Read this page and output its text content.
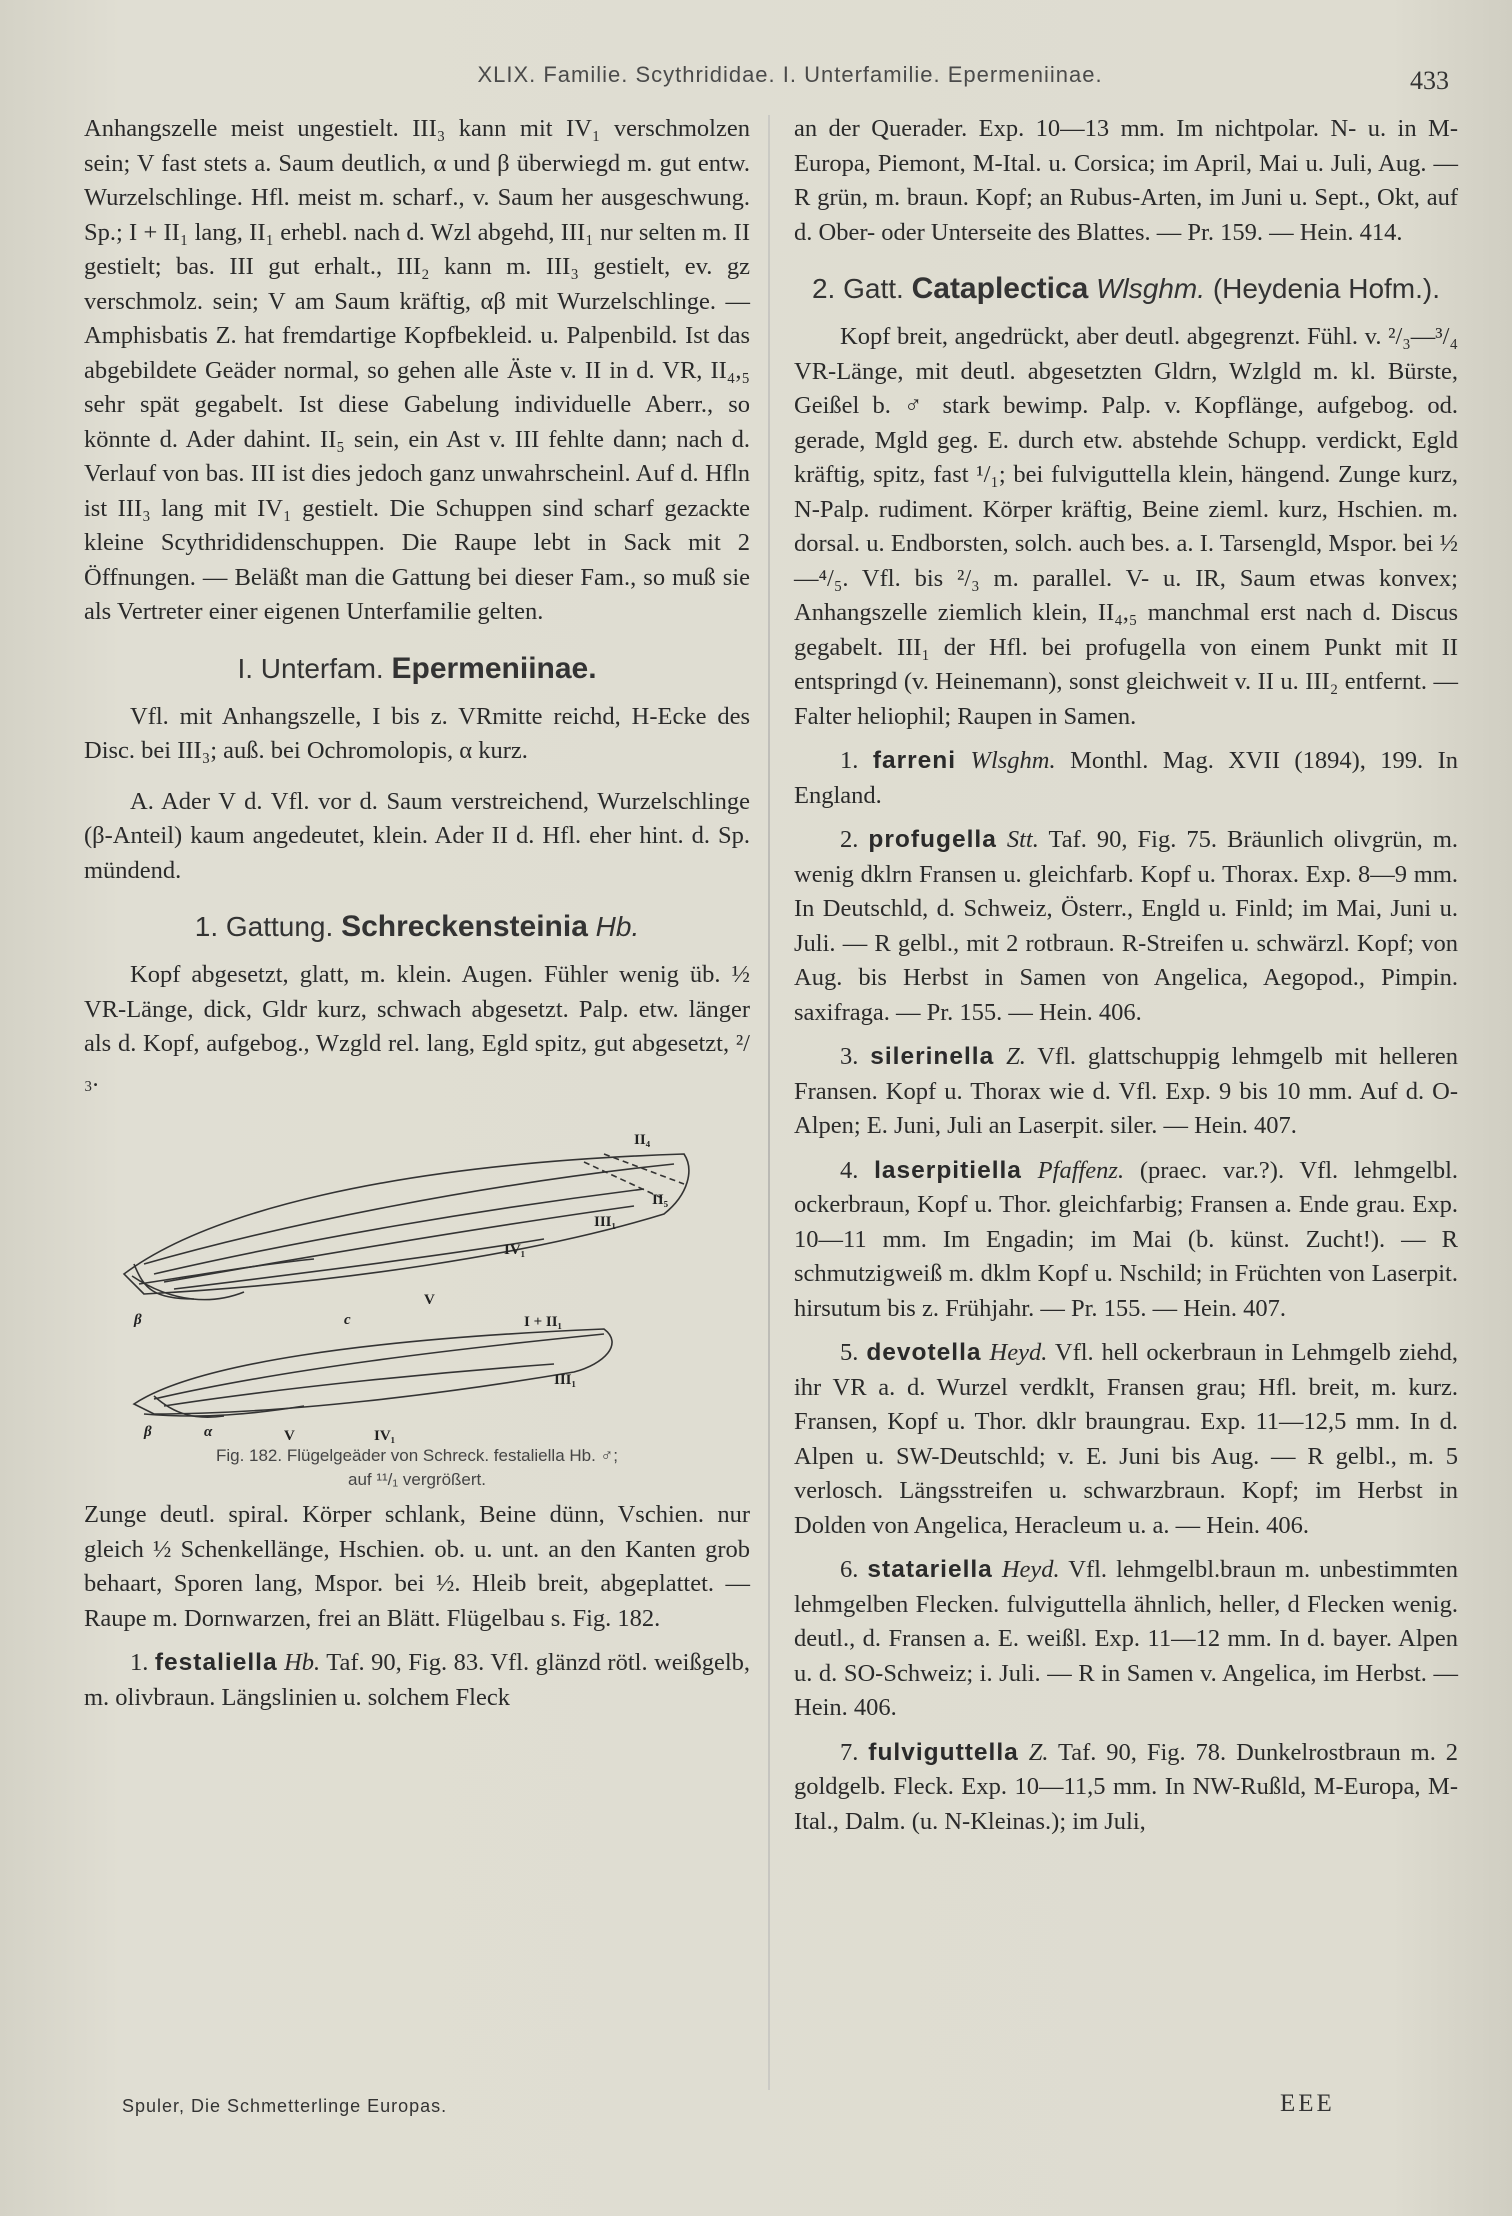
XLIX. Familie. Scythrididae. I. Unterfamilie. Epermeniinae.	433

Anhangszelle meist ungestielt. III₃ kann mit IV₁ verschmolzen sein; V fast stets a. Saum deutlich, α und β überwiegd m. gut entw. Wurzelschlinge. Hfl. meist m. scharf., v. Saum her ausgeschwung. Sp.; I + II₁ lang, II₁ erhebl. nach d. Wzl abgehd, III₁ nur selten m. II gestielt; bas. III gut erhalt., III₂ kann m. III₃ gestielt, ev. gz verschmolz. sein; V am Saum kräftig, αβ mit Wurzelschlinge. — Amphisbatis Z. hat fremdartige Kopfbekleid. u. Palpenbild. Ist das abgebildete Geäder normal, so gehen alle Äste v. II in d. VR, II₄,₅ sehr spät gegabelt. Ist diese Gabelung individuelle Aberr., so könnte d. Ader dahint. II₅ sein, ein Ast v. III fehlte dann; nach d. Verlauf von bas. III ist dies jedoch ganz unwahrscheinl. Auf d. Hfln ist III₃ lang mit IV₁ gestielt. Die Schuppen sind scharf gezackte kleine Scythrididenschuppen. Die Raupe lebt in Sack mit 2 Öffnungen. — Beläßt man die Gattung bei dieser Fam., so muß sie als Vertreter einer eigenen Unterfamilie gelten.

I. Unterfam. Epermeniinae.

Vfl. mit Anhangszelle, I bis z. VRmitte reichd, H-Ecke des Disc. bei III₃; auß. bei Ochromolopis, α kurz.

A. Ader V d. Vfl. vor d. Saum verstreichend, Wurzelschlinge (β-Anteil) kaum angedeutet, klein. Ader II d. Hfl. eher hint. d. Sp. mündend.

1. Gattung. Schreckensteinia Hb.

Kopf abgesetzt, glatt, m. klein. Augen. Fühler wenig üb. ½ VR-Länge, dick, Gldr kurz, schwach abgesetzt. Palp. etw. länger als d. Kopf, aufgebog., Wzgld rel. lang, Egld spitz, gut abgesetzt, ²/₃.

II₄
II₅
III₁
IV₁
β	c
V
I + II₁
III₁
β	α	V	IV₁
Fig. 182. Flügelgeäder von Schreck. festaliella Hb. ♂;
auf ¹¹/₁ vergrößert.

Zunge deutl. spiral. Körper schlank, Beine dünn, Vschien. nur gleich ½ Schenkellänge, Hschien. ob. u. unt. an den Kanten grob behaart, Sporen lang, Mspor. bei ½. Hleib breit, abgeplattet. — Raupe m. Dornwarzen, frei an Blätt. Flügelbau s. Fig. 182.

1. festaliella Hb. Taf. 90, Fig. 83. Vfl. glänzd rötl. weißgelb, m. olivbraun. Längslinien u. solchem Fleck

an der Querader. Exp. 10—13 mm. Im nichtpolar. N- u. in M-Europa, Piemont, M-Ital. u. Corsica; im April, Mai u. Juli, Aug. — R grün, m. braun. Kopf; an Rubus-Arten, im Juni u. Sept., Okt, auf d. Ober- oder Unterseite des Blattes. — Pr. 159. — Hein. 414.

2. Gatt. Cataplectica Wlsghm. (Heydenia Hofm.).

Kopf breit, angedrückt, aber deutl. abgegrenzt. Fühl. v. ²/₃—³/₄ VR-Länge, mit deutl. abgesetzten Gldrn, Wzlgld m. kl. Bürste, Geißel b. ♂ stark bewimp. Palp. v. Kopflänge, aufgebog. od. gerade, Mgld geg. E. durch etw. abstehde Schupp. verdickt, Egld kräftig, spitz, fast ¹/₁; bei fulviguttella klein, hängend. Zunge kurz, N-Palp. rudiment. Körper kräftig, Beine zieml. kurz, Hschien. m. dorsal. u. Endborsten, solch. auch bes. a. I. Tarsengld, Mspor. bei ½—⁴/₅. Vfl. bis ²/₃ m. parallel. V- u. IR, Saum etwas konvex; Anhangszelle ziemlich klein, II₄,₅ manchmal erst nach d. Discus gegabelt. III₁ der Hfl. bei profugella von einem Punkt mit II entspringd (v. Heinemann), sonst gleichweit v. II u. III₂ entfernt. — Falter heliophil; Raupen in Samen.

1. farreni Wlsghm. Monthl. Mag. XVII (1894), 199. In England.

2. profugella Stt. Taf. 90, Fig. 75. Bräunlich olivgrün, m. wenig dklrn Fransen u. gleichfarb. Kopf u. Thorax. Exp. 8—9 mm. In Deutschld, d. Schweiz, Österr., Engld u. Finld; im Mai, Juni u. Juli. — R gelbl., mit 2 rotbraun. R-Streifen u. schwärzl. Kopf; von Aug. bis Herbst in Samen von Angelica, Aegopod., Pimpin. saxifraga. — Pr. 155. — Hein. 406.

3. silerinella Z. Vfl. glattschuppig lehmgelb mit helleren Fransen. Kopf u. Thorax wie d. Vfl. Exp. 9 bis 10 mm. Auf d. O-Alpen; E. Juni, Juli an Laserpit. siler. — Hein. 407.

4. laserpitiella Pfaffenz. (praec. var.?). Vfl. lehmgelbl. ockerbraun, Kopf u. Thor. gleichfarbig; Fransen a. Ende grau. Exp. 10—11 mm. Im Engadin; im Mai (b. künst. Zucht!). — R schmutzigweiß m. dklm Kopf u. Nschild; in Früchten von Laserpit. hirsutum bis z. Frühjahr. — Pr. 155. — Hein. 407.

5. devotella Heyd. Vfl. hell ockerbraun in Lehmgelb ziehd, ihr VR a. d. Wurzel verdklt, Fransen grau; Hfl. breit, m. kurz. Fransen, Kopf u. Thor. dklr braungrau. Exp. 11—12,5 mm. In d. Alpen u. SW-Deutschld; v. E. Juni bis Aug. — R gelbl., m. 5 verlosch. Längsstreifen u. schwarzbraun. Kopf; im Herbst in Dolden von Angelica, Heracleum u. a. — Hein. 406.

6. statariella Heyd. Vfl. lehmgelbl.braun m. unbestimmten lehmgelben Flecken. fulviguttella ähnlich, heller, d Flecken wenig. deutl., d. Fransen a. E. weißl. Exp. 11—12 mm. In d. bayer. Alpen u. d. SO-Schweiz; i. Juli. — R in Samen v. Angelica, im Herbst. — Hein. 406.

7. fulviguttella Z. Taf. 90, Fig. 78. Dunkelrostbraun m. 2 goldgelb. Fleck. Exp. 10—11,5 mm. In NW-Rußld, M-Europa, M-Ital., Dalm. (u. N-Kleinas.); im Juli,

Spuler, Die Schmetterlinge Europas.	EEE
